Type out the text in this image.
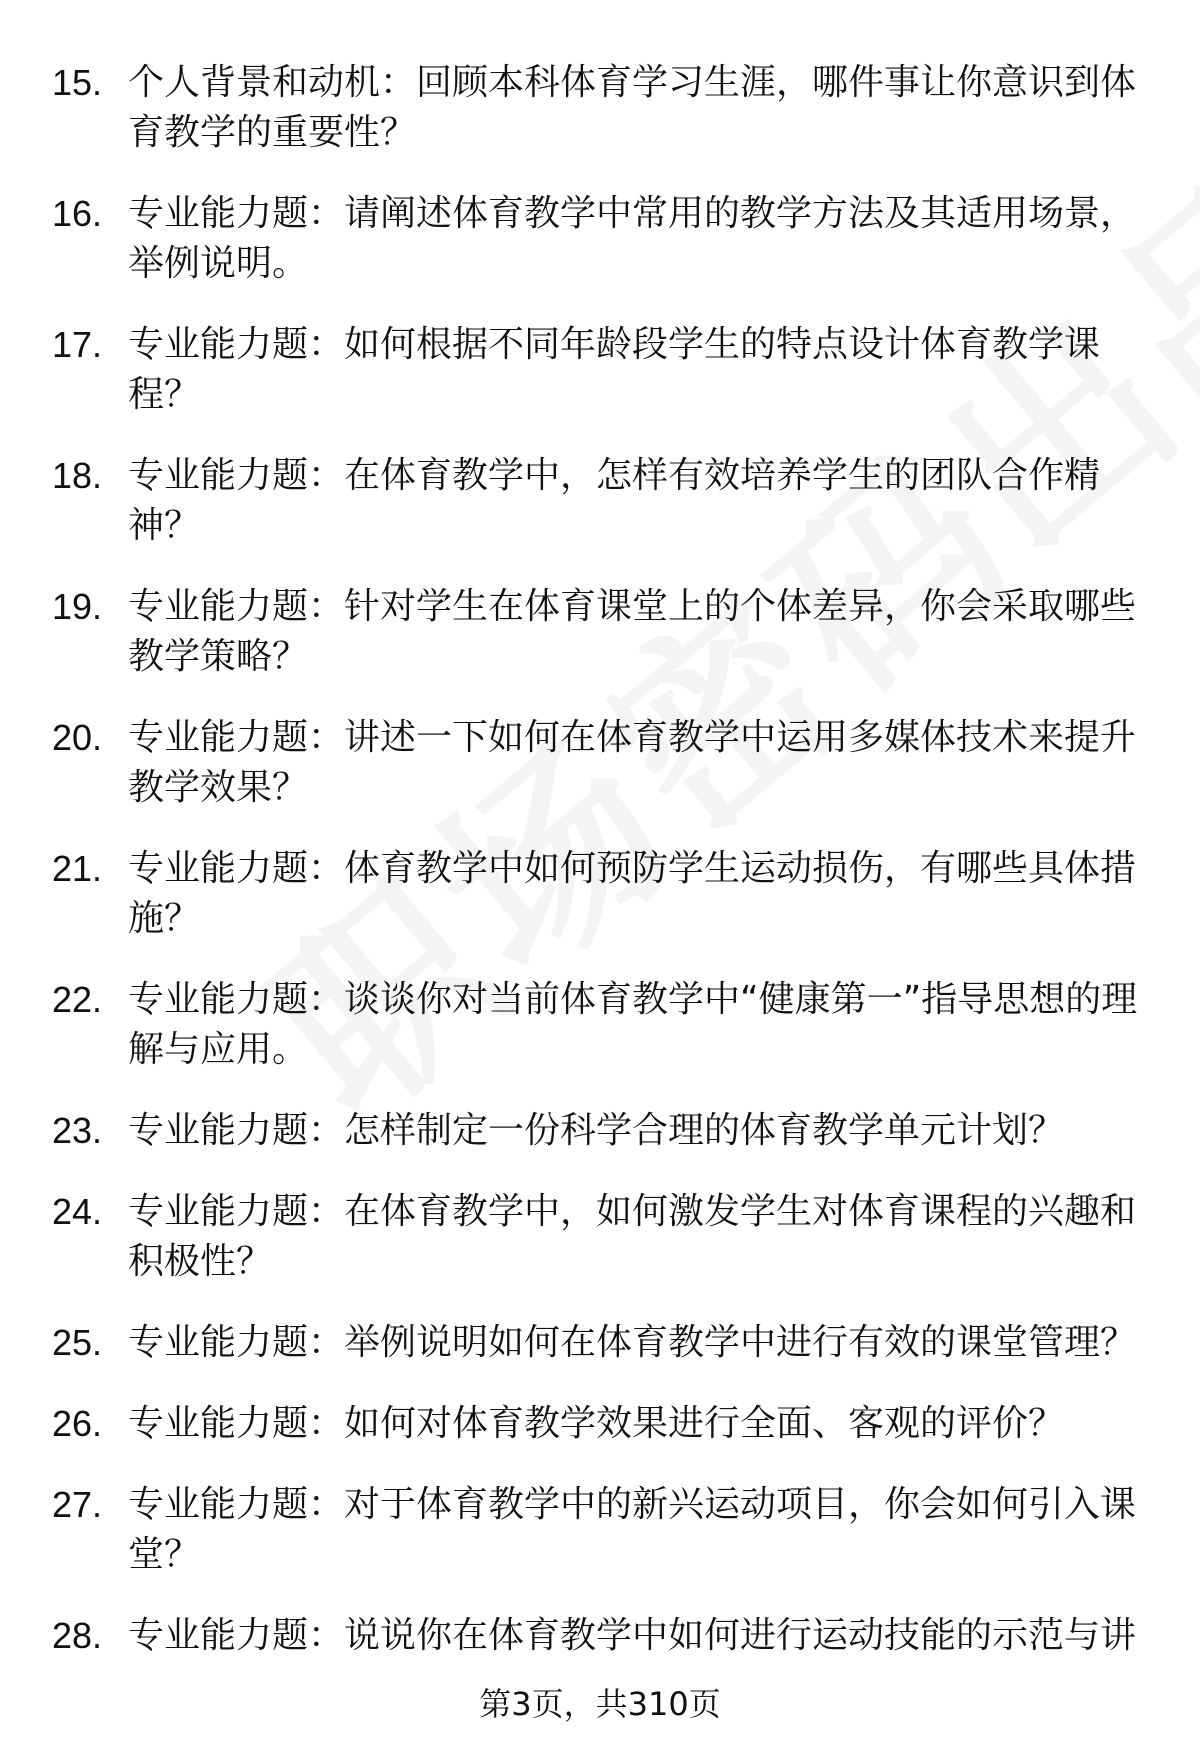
15. 个人背景和动机：回顾本科体育学习生涯，哪件事让你意识到体育教学的重要性？
16. 专业能力题：请阐述体育教学中常用的教学方法及其适用场景，举例说明。
17. 专业能力题：如何根据不同年龄段学生的特点设计体育教学课程？
18. 专业能力题：在体育教学中，怎样有效培养学生的团队合作精神？
19. 专业能力题：针对学生在体育课堂上的个体差异，你会采取哪些教学策略？
20. 专业能力题：讲述一下如何在体育教学中运用多媒体技术来提升教学效果？
21. 专业能力题：体育教学中如何预防学生运动损伤，有哪些具体措施？
22. 专业能力题：谈谈你对当前体育教学中“健康第一”指导思想的理解与应用。
23. 专业能力题：怎样制定一份科学合理的体育教学单元计划？
24. 专业能力题：在体育教学中，如何激发学生对体育课程的兴趣和积极性？
25. 专业能力题：举例说明如何在体育教学中进行有效的课堂管理？
26. 专业能力题：如何对体育教学效果进行全面、客观的评价？
27. 专业能力题：对于体育教学中的新兴运动项目，你会如何引入课堂？
28. 专业能力题：说说你在体育教学中如何进行运动技能的示范与讲
第3页，共310页
